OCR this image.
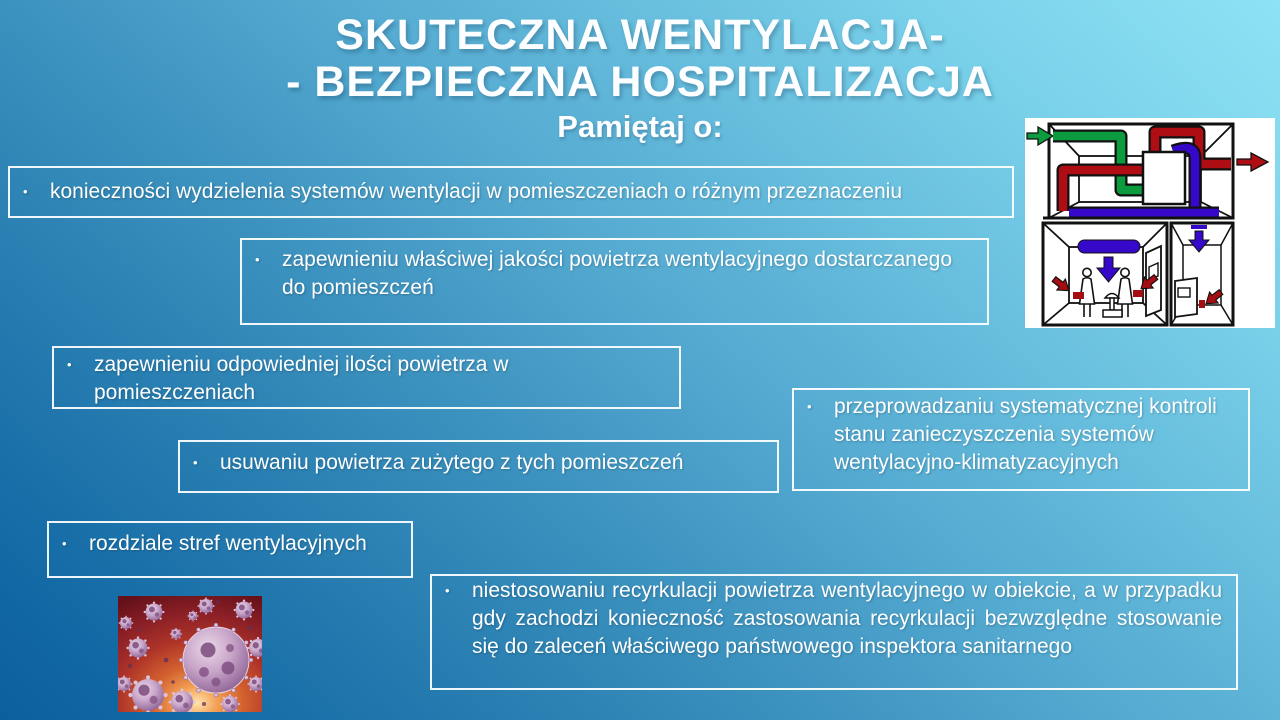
SKUTECZNA WENTYLACJA-
- BEZPIECZNA HOSPITALIZACJA
Pamiętaj o:
•	konieczności wydzielenia systemów wentylacji w pomieszczeniach o różnym przeznaczeniu
•	zapewnieniu właściwej jakości powietrza wentylacyjnego dostarczanego do pomieszczeń
•	zapewnieniu odpowiedniej ilości powietrza w pomieszczeniach
•	usuwaniu powietrza zużytego z tych pomieszczeń
•	przeprowadzaniu systematycznej kontroli stanu zanieczyszczenia systemów wentylacyjno-klimatyzacyjnych
•	rozdziale stref wentylacyjnych
•	niestosowaniu recyrkulacji powietrza wentylacyjnego w obiekcie, a w przypadku gdy zachodzi konieczność zastosowania recyrkulacji bezwzględne stosowanie się do zaleceń właściwego państwowego inspektora sanitarnego
